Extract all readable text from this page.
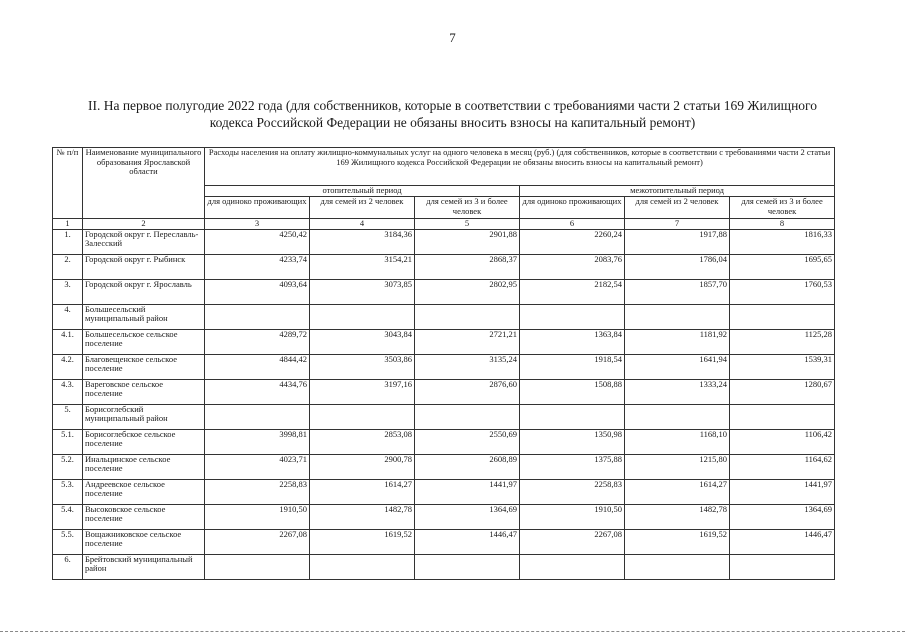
7
II. На первое полугодие 2022 года (для собственников, которые в соответствии с требованиями части 2 статьи 169 Жилищного кодекса Российской Федерации не обязаны вносить взносы на капитальный ремонт)
№ п/п	Наименование муниципального образования Ярославской области	Расходы населения на оплату жилищно-коммунальных услуг на одного человека в месяц (руб.) (для собственников, которые в соответствии с требованиями части 2 статьи 169 Жилищного кодекса Российской Федерации не обязаны вносить взносы на капитальный ремонт)					
		отопительный период			межотопительный период		
		для одиноко проживающих	для семей из 2 человек	для семей из 3 и более человек	для одиноко проживающих	для семей из 2 человек	для семей из 3 и более человек
1	2	3	4	5	6	7	8
1.	Городской округ г. Переславль-Залесский	4250,42	3184,36	2901,88	2260,24	1917,88	1816,33
2.	Городской округ г. Рыбинск	4233,74	3154,21	2868,37	2083,76	1786,04	1695,65
3.	Городской округ г. Ярославль	4093,64	3073,85	2802,95	2182,54	1857,70	1760,53
4.	Большесельский муниципальный район						
4.1.	Большесельское сельское поселение	4289,72	3043,84	2721,21	1363,84	1181,92	1125,28
4.2.	Благовещенское сельское поселение	4844,42	3503,86	3135,24	1918,54	1641,94	1539,31
4.3.	Вареговское сельское поселение	4434,76	3197,16	2876,60	1508,88	1333,24	1280,67
5.	Борисоглебский муниципальный район						
5.1.	Борисоглебское сельское поселение	3998,81	2853,08	2550,69	1350,98	1168,10	1106,42
5.2.	Инальцинское сельское поселение	4023,71	2900,78	2608,89	1375,88	1215,80	1164,62
5.3.	Андреевское сельское поселение	2258,83	1614,27	1441,97	2258,83	1614,27	1441,97
5.4.	Высоковское сельское поселение	1910,50	1482,78	1364,69	1910,50	1482,78	1364,69
5.5.	Вощажниковское сельское поселение	2267,08	1619,52	1446,47	2267,08	1619,52	1446,47
6.	Брейтовский муниципальный район						
